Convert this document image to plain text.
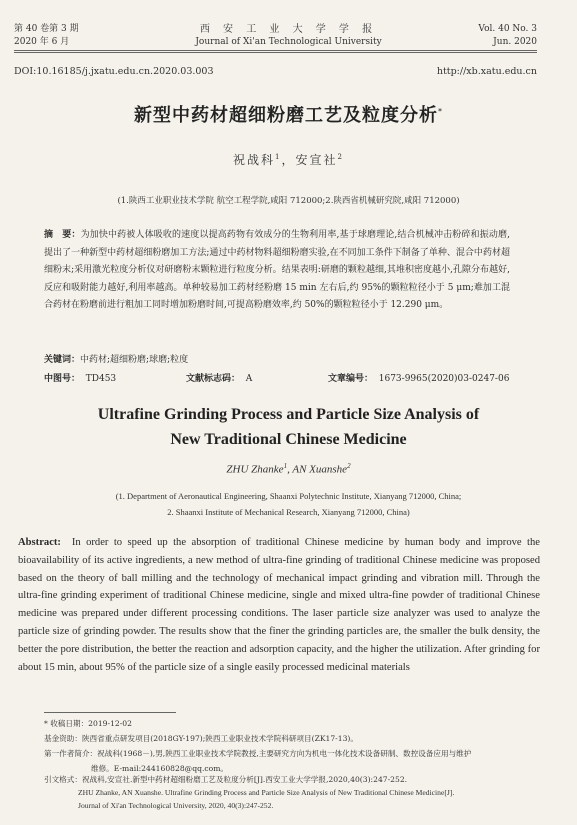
第 40 卷第 3 期
2020 年 6 月
西 安 工 业 大 学 学 报
Journal of Xi'an Technological University
Vol. 40 No. 3
Jun. 2020
DOI:10.16185/j.jxatu.edu.cn.2020.03.003	http://xb.xatu.edu.cn
新型中药材超细粉磨工艺及粒度分析*
祝战科$^1$，安宣社$^2$
(1.陕西工业职业技术学院 航空工程学院,咸阳 712000;2.陕西省机械研究院,咸阳 712000)
摘　要：为加快中药被人体吸收的速度以提高药物有效成分的生物利用率,基于球磨理论,结合机械冲击粉碎和振动磨,提出了一种新型中药材超细粉磨加工方法;通过中药材物料超细粉磨实验,在不同加工条件下制备了单种、混合中药材超细粉末;采用激光粒度分析仪对研磨粉末颗粒进行粒度分析。结果表明:研磨的颗粒越细,其堆积密度越小,孔隙分布越好,反应和吸附能力越好,利用率越高。单种较易加工药材经粉磨 15 min 左右后,约 95%的颗粒粒径小于 5 μm;难加工混合药材在粉磨前进行粗加工同时增加粉磨时间,可提高粉磨效率,约 50%的颗粒粒径小于 12.290 μm。
关键词：中药材;超细粉磨;球磨;粒度
中图号： TD453	文献标志码： A	文章编号： 1673-9965(2020)03-0247-06
Ultrafine Grinding Process and Particle Size Analysis of
New Traditional Chinese Medicine
ZHU Zhanke$^1$, AN Xuanshe$^2$
(1. Department of Aeronautical Engineering, Shaanxi Polytechnic Institute, Xianyang 712000, China;
2. Shaanxi Institute of Mechanical Research, Xianyang 712000, China)
Abstract: In order to speed up the absorption of traditional Chinese medicine by human body and improve the bioavailability of its active ingredients, a new method of ultra-fine grinding of traditional Chinese medicine was proposed based on the theory of ball milling and the technology of mechanical impact grinding and vibration mill. Through the ultra-fine grinding experiment of traditional Chinese medicine, single and mixed ultra-fine powder of traditional Chinese medicine was prepared under different processing conditions. The laser particle size analyzer was used to analyze the particle size of grinding powder. The results show that the finer the grinding particles are, the smaller the bulk density, the better the pore distribution, the better the reaction and adsorption capacity, and the higher the utilization. After grinding for about 15 min, about 95% of the particle size of a single easily processed medicinal materials
* 收稿日期：2019-12-02
基金资助：陕西省重点研发项目(2018GY-197);陕西工业职业技术学院科研项目(ZK17-13)。
第一作者简介：祝战科(1968－),男,陕西工业职业技术学院教授,主要研究方向为机电一体化技术设备研制、数控设备应用与维护
维修。E-mail:244160828@qq.com。
引文格式：祝战科,安宣社.新型中药材超细粉磨工艺及粒度分析[J].西安工业大学学报,2020,40(3):247-252.
ZHU Zhanke, AN Xuanshe. Ultrafine Grinding Process and Particle Size Analysis of New Traditional Chinese Medicine[J].
Journal of Xi'an Technological University, 2020, 40(3):247-252.
